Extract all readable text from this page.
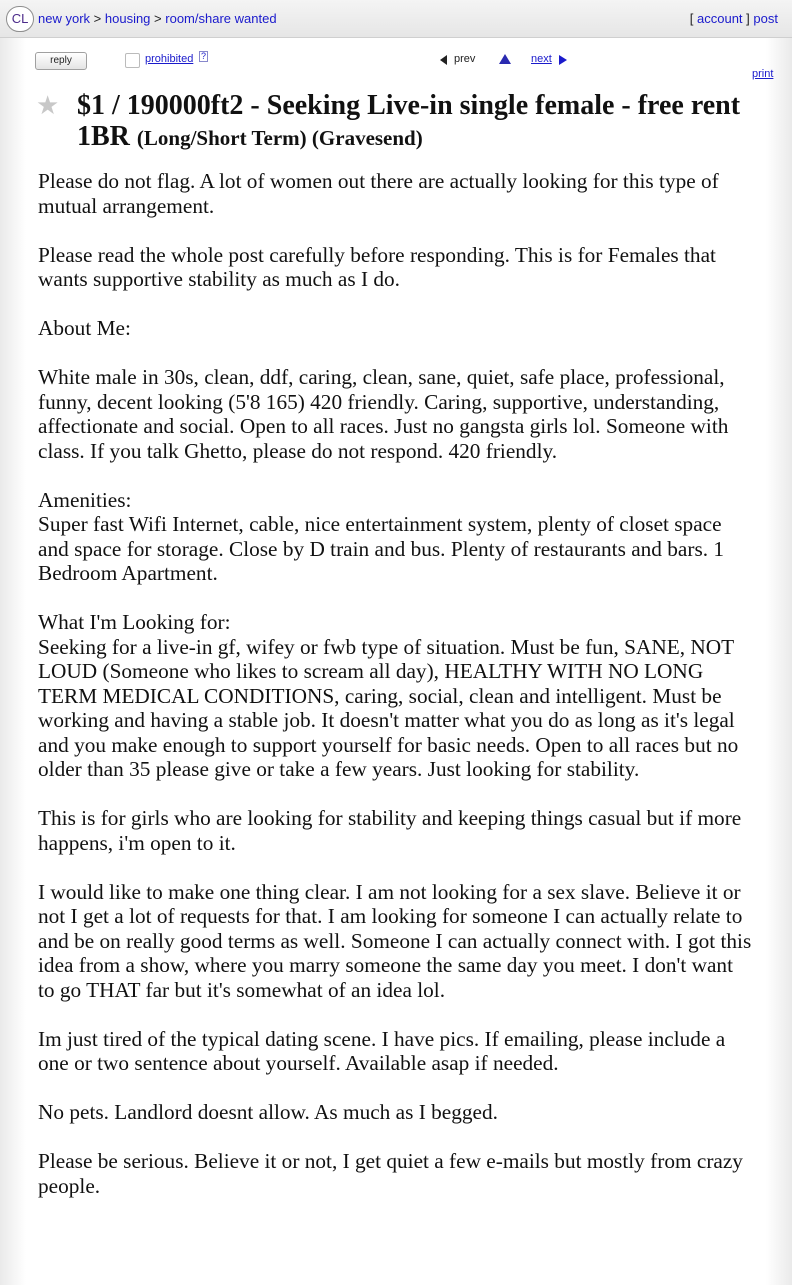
CL new york > housing > room/share wanted	[ account ] post
reply	prohibited ?	prev	next
print
★ $1 / 190000ft2 - Seeking Live-in single female - free rent 1BR (Long/Short Term) (Gravesend)

Please do not flag. A lot of women out there are actually looking for this type of mutual arrangement.

Please read the whole post carefully before responding. This is for Females that wants supportive stability as much as I do.

About Me:

White male in 30s, clean, ddf, caring, clean, sane, quiet, safe place, professional, funny, decent looking (5'8 165) 420 friendly. Caring, supportive, understanding, affectionate and social. Open to all races. Just no gangsta girls lol. Someone with class. If you talk Ghetto, please do not respond. 420 friendly.

Amenities:

Super fast Wifi Internet, cable, nice entertainment system, plenty of closet space and space for storage. Close by D train and bus. Plenty of restaurants and bars. 1 Bedroom Apartment.

What I'm Looking for:

Seeking for a live-in gf, wifey or fwb type of situation. Must be fun, SANE, NOT LOUD (Someone who likes to scream all day), HEALTHY WITH NO LONG TERM MEDICAL CONDITIONS, caring, social, clean and intelligent. Must be working and having a stable job. It doesn't matter what you do as long as it's legal and you make enough to support yourself for basic needs. Open to all races but no older than 35 please give or take a few years. Just looking for stability.

This is for girls who are looking for stability and keeping things casual but if more happens, i'm open to it.

I would like to make one thing clear. I am not looking for a sex slave. Believe it or not I get a lot of requests for that. I am looking for someone I can actually relate to and be on really good terms as well. Someone I can actually connect with. I got this idea from a show, where you marry someone the same day you meet. I don't want to go THAT far but it's somewhat of an idea lol.

Im just tired of the typical dating scene. I have pics. If emailing, please include a one or two sentence about yourself. Available asap if needed.

No pets. Landlord doesnt allow. As much as I begged.

Please be serious. Believe it or not, I get quiet a few e-mails but mostly from crazy people.
